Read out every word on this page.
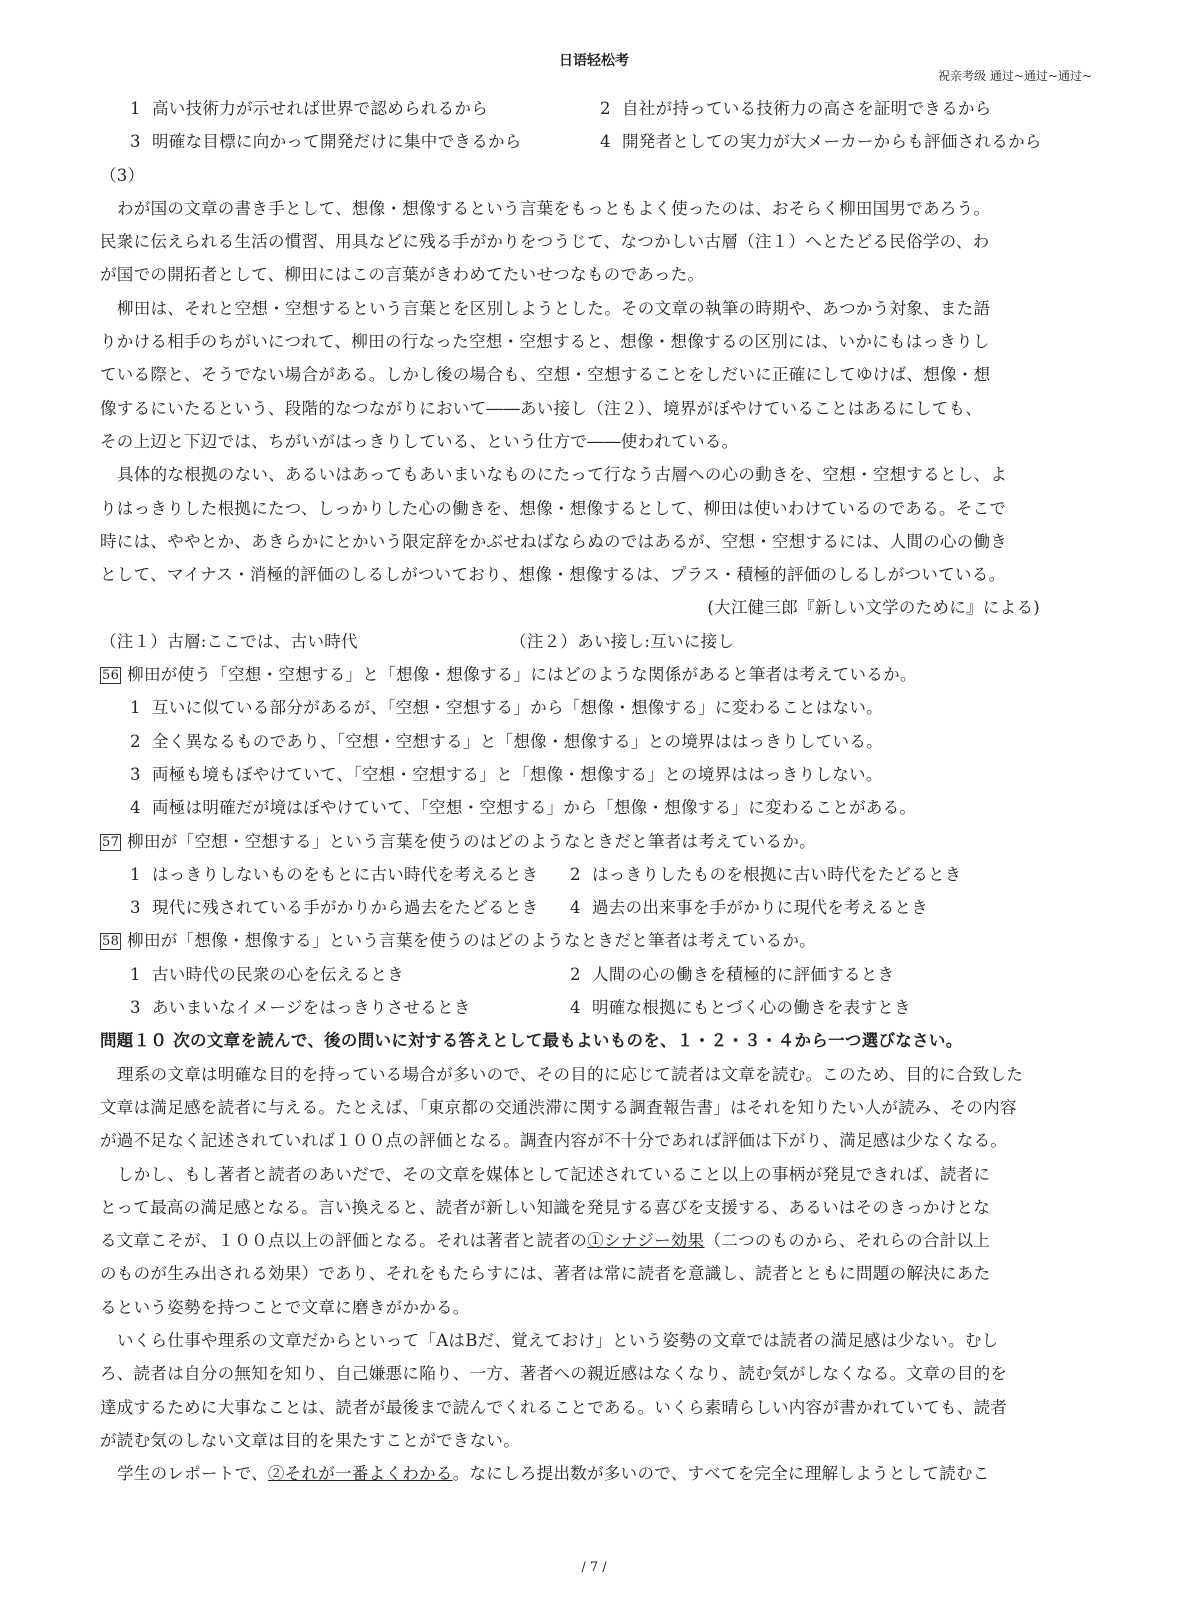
日语轻松考
祝亲考级 通过~通过~通过~
1 高い技術力が示せれば世界で認められるから	2 自社が持っている技術力の高さを証明できるから
3 明確な目標に向かって開発だけに集中できるから	4 開発者としての実力が大メーカーからも評価されるから
（3）
わが国の文章の書き手として、想像・想像するという言葉をもっともよく使ったのは、おそらく柳田国男であろう。
民衆に伝えられる生活の慣習、用具などに残る手がかりをつうじて、なつかしい古層（注１）へとたどる民俗学の、わ
が国での開拓者として、柳田にはこの言葉がきわめてたいせつなものであった。
柳田は、それと空想・空想するという言葉とを区別しようとした。その文章の執筆の時期や、あつかう対象、また語
りかける相手のちがいにつれて、柳田の行なった空想・空想すると、想像・想像するの区別には、いかにもはっきりし
ている際と、そうでない場合がある。しかし後の場合も、空想・空想することをしだいに正確にしてゆけば、想像・想
像するにいたるという、段階的なつながりにおいて――あい接し（注２）、境界がぼやけていることはあるにしても、
その上辺と下辺では、ちがいがはっきりしている、という仕方で――使われている。
具体的な根拠のない、あるいはあってもあいまいなものにたって行なう古層への心の動きを、空想・空想するとし、よ
りはっきりした根拠にたつ、しっかりした心の働きを、想像・想像するとして、柳田は使いわけているのである。そこで
時には、ややとか、あきらかにとかいう限定辞をかぶせねばならぬのではあるが、空想・空想するには、人間の心の働き
として、マイナス・消極的評価のしるしがついており、想像・想像するは、プラス・積極的評価のしるしがついている。
(大江健三郎『新しい文学のために』による)
（注１）古層:ここでは、古い時代	（注２）あい接し:互いに接し
56 柳田が使う「空想・空想する」と「想像・想像する」にはどのような関係があると筆者は考えているか。
1 互いに似ている部分があるが、「空想・空想する」から「想像・想像する」に変わることはない。
2 全く異なるものであり、「空想・空想する」と「想像・想像する」との境界ははっきりしている。
3 両極も境もぼやけていて、「空想・空想する」と「想像・想像する」との境界ははっきりしない。
4 両極は明確だが境はぼやけていて、「空想・空想する」から「想像・想像する」に変わることがある。
57 柳田が「空想・空想する」という言葉を使うのはどのようなときだと筆者は考えているか。
1 はっきりしないものをもとに古い時代を考えるとき 2 はっきりしたものを根拠に古い時代をたどるとき
3 現代に残されている手がかりから過去をたどるとき 4 過去の出来事を手がかりに現代を考えるとき
58 柳田が「想像・想像する」という言葉を使うのはどのようなときだと筆者は考えているか。
1 古い時代の民衆の心を伝えるとき	2 人間の心の働きを積極的に評価するとき
3 あいまいなイメージをはっきりさせるとき	4 明確な根拠にもとづく心の働きを表すとき
問題１０ 次の文章を読んで、後の問いに対する答えとして最もよいものを、１・２・３・４から一つ選びなさい。
理系の文章は明確な目的を持っている場合が多いので、その目的に応じて読者は文章を読む。このため、目的に合致した
文章は満足感を読者に与える。たとえば、「東京都の交通渋滞に関する調査報告書」はそれを知りたい人が読み、その内容
が過不足なく記述されていれば１００点の評価となる。調査内容が不十分であれば評価は下がり、満足感は少なくなる。
しかし、もし著者と読者のあいだで、その文章を媒体として記述されていること以上の事柄が発見できれば、読者に
とって最高の満足感となる。言い換えると、読者が新しい知識を発見する喜びを支援する、あるいはそのきっかけとな
る文章こそが、１００点以上の評価となる。それは著者と読者の①シナジー効果（二つのものから、それらの合計以上
のものが生み出される効果）であり、それをもたらすには、著者は常に読者を意識し、読者とともに問題の解決にあた
るという姿勢を持つことで文章に磨きがかかる。
いくら仕事や理系の文章だからといって「AはBだ、覚えておけ」という姿勢の文章では読者の満足感は少ない。むし
ろ、読者は自分の無知を知り、自己嫌悪に陥り、一方、著者への親近感はなくなり、読む気がしなくなる。文章の目的を
達成するために大事なことは、読者が最後まで読んでくれることである。いくら素晴らしい内容が書かれていても、読者
が読む気のしない文章は目的を果たすことができない。
学生のレポートで、②それが一番よくわかる。なにしろ提出数が多いので、すべてを完全に理解しようとして読むこ
/ 7 /
